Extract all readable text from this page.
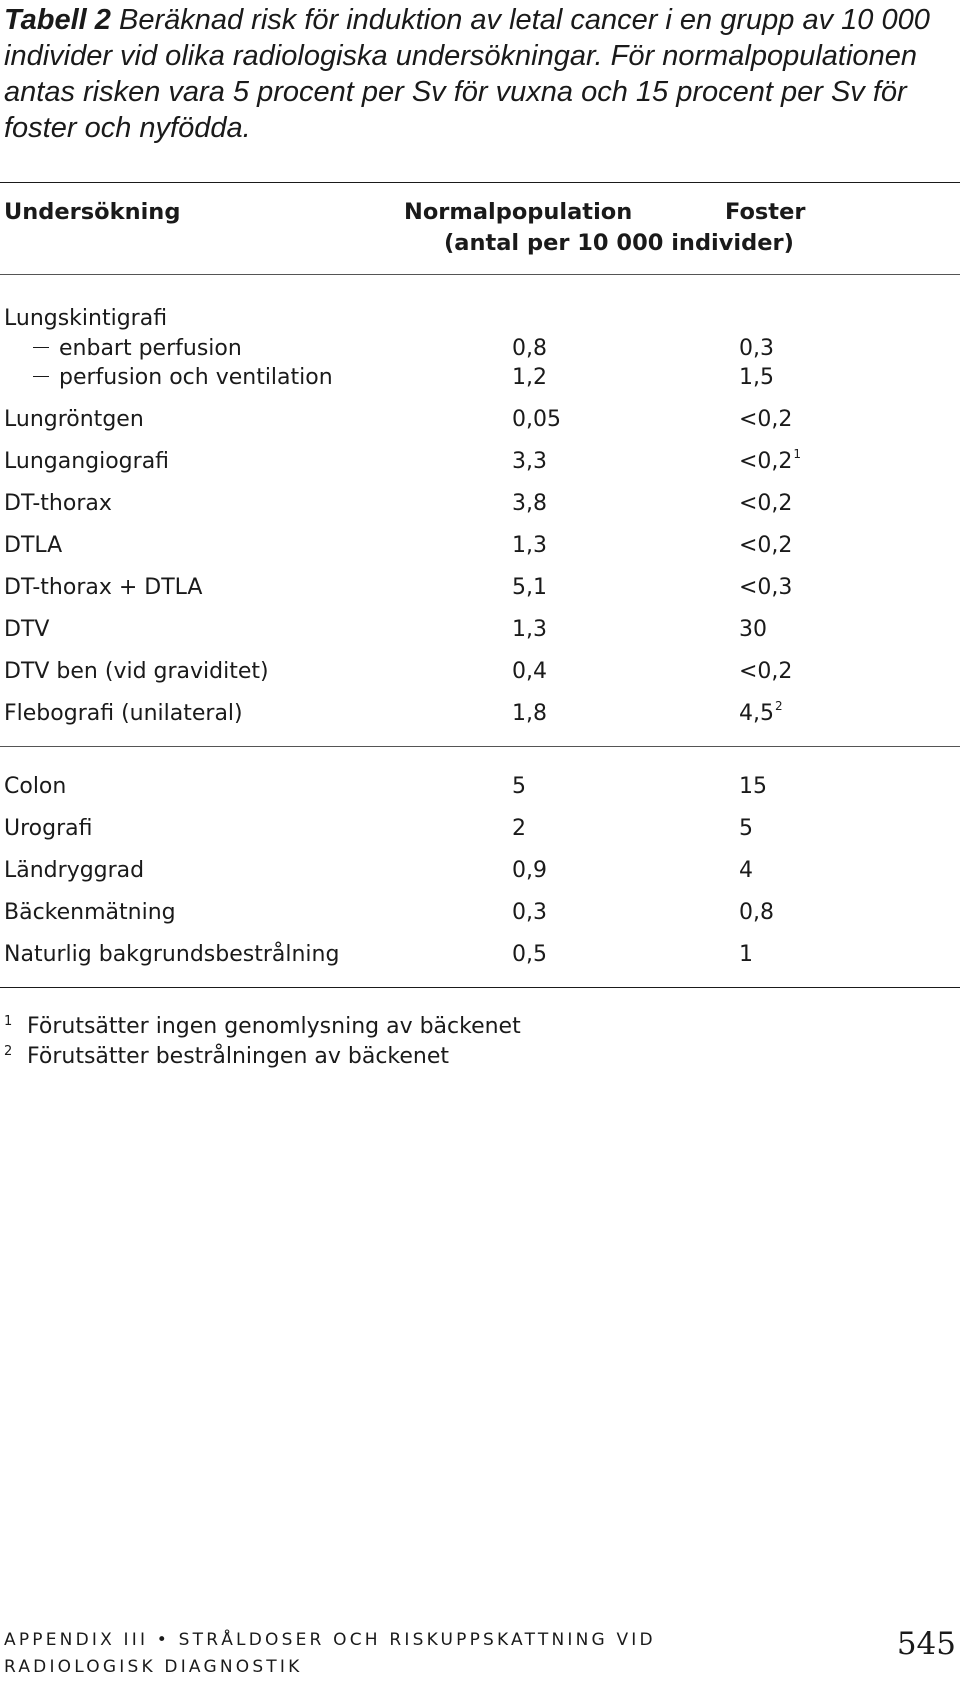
Tabell 2 Beräknad risk för induktion av letal cancer i en grupp av 10 000 individer vid olika radiologiska undersökningar. För normalpopulationen antas risken vara 5 procent per Sv för vuxna och 15 procent per Sv för foster och nyfödda.
Undersökning	Normalpopulation	Foster
(antal per 10 000 individer)
Lungskintigrafi
enbart perfusion	0,8	0,3
perfusion och ventilation	1,2	1,5
Lungröntgen	0,05	<0,2
Lungangiografi	3,3	$<0,2^1$
DT-thorax	3,8	<0,2
DTLA	1,3	<0,2
DT-thorax + DTLA	5,1	<0,3
DTV	1,3	30
DTV ben (vid graviditet)	0,4	<0,2
Flebografi (unilateral)	1,8	$4,5^2$
Colon	5	15
Urografi	2	5
Ländryggrad	0,9	4
Bäckenmätning	0,3	0,8
Naturlig bakgrundsbestrålning	0,5	1
1 Förutsätter ingen genomlysning av bäckenet
2 Förutsätter bestrålningen av bäckenet
APPENDIX III • STRÅLDOSER OCH RISKUPPSKATTNING VID
RADIOLOGISK DIAGNOSTIK
545
